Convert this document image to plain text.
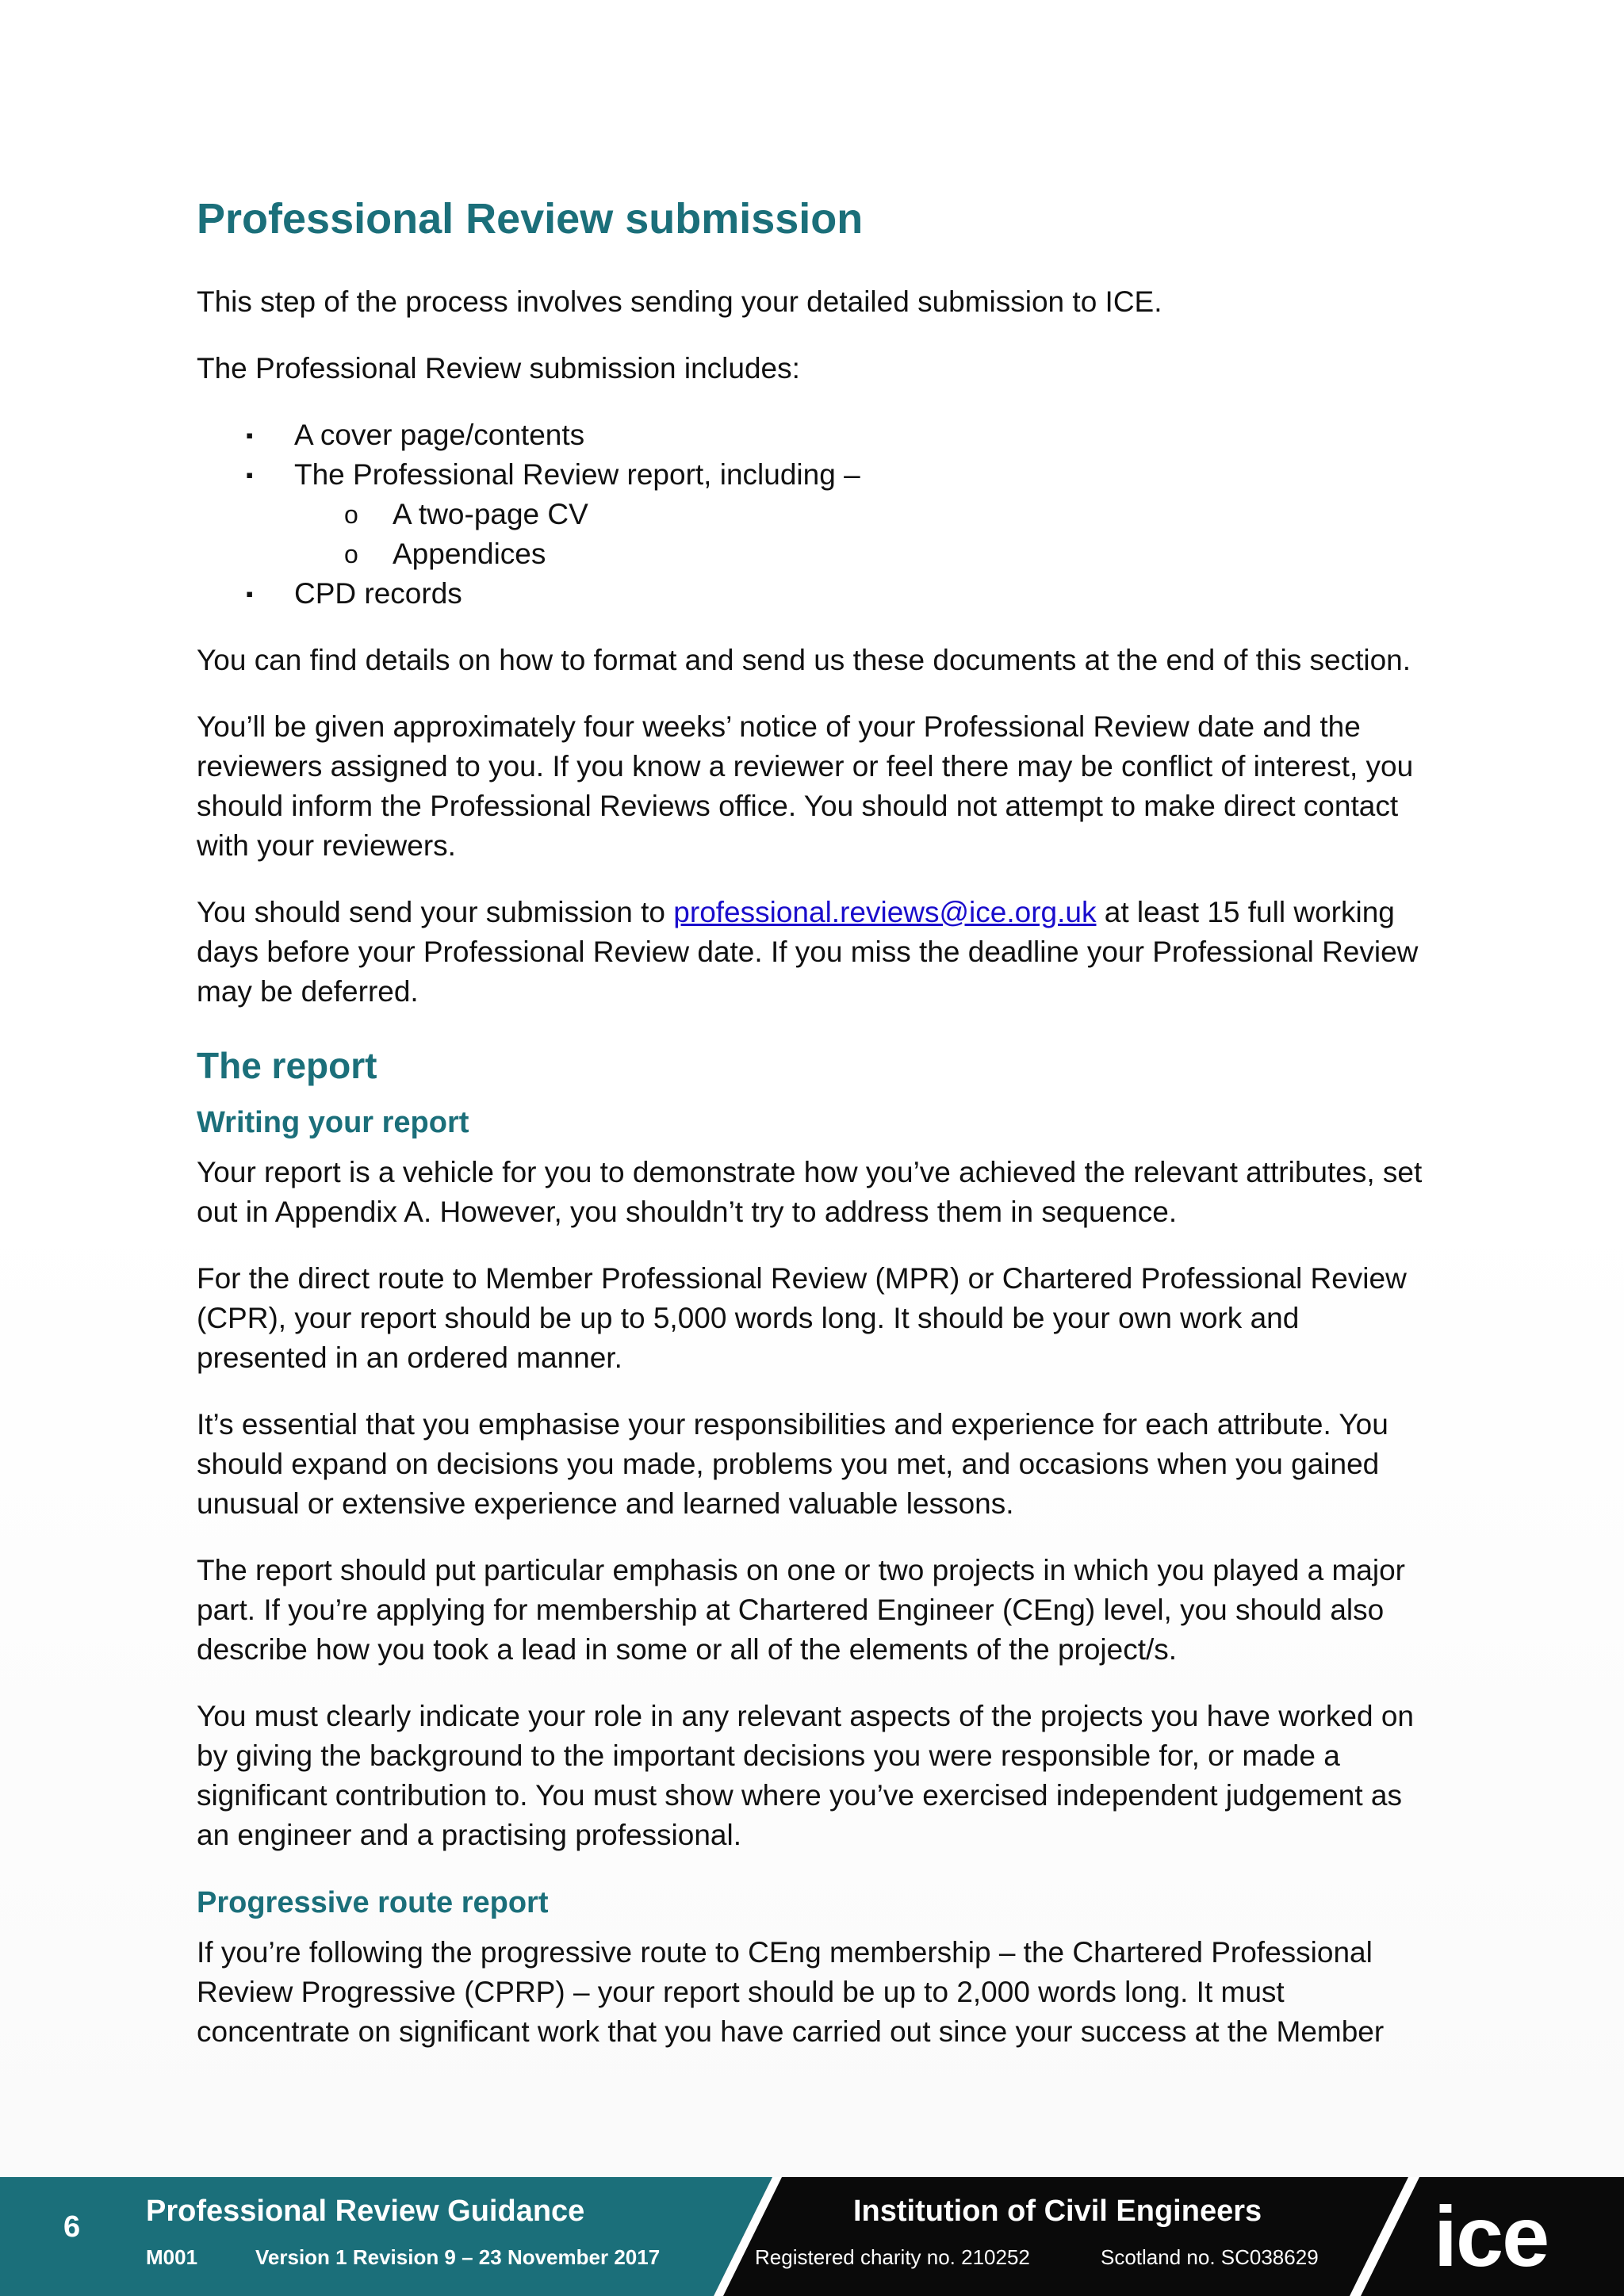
Professional Review submission

This step of the process involves sending your detailed submission to ICE.

The Professional Review submission includes:

▪ A cover page/contents
▪ The Professional Review report, including –
o A two-page CV
o Appendices
▪ CPD records

You can find details on how to format and send us these documents at the end of this section.

You’ll be given approximately four weeks’ notice of your Professional Review date and the reviewers assigned to you. If you know a reviewer or feel there may be conflict of interest, you should inform the Professional Reviews office. You should not attempt to make direct contact with your reviewers.

You should send your submission to professional.reviews@ice.org.uk at least 15 full working days before your Professional Review date. If you miss the deadline your Professional Review may be deferred.

The report
Writing your report

Your report is a vehicle for you to demonstrate how you’ve achieved the relevant attributes, set out in Appendix A. However, you shouldn’t try to address them in sequence.

For the direct route to Member Professional Review (MPR) or Chartered Professional Review (CPR), your report should be up to 5,000 words long. It should be your own work and presented in an ordered manner.

It’s essential that you emphasise your responsibilities and experience for each attribute. You should expand on decisions you made, problems you met, and occasions when you gained unusual or extensive experience and learned valuable lessons.

The report should put particular emphasis on one or two projects in which you played a major part. If you’re applying for membership at Chartered Engineer (CEng) level, you should also describe how you took a lead in some or all of the elements of the project/s.

You must clearly indicate your role in any relevant aspects of the projects you have worked on by giving the background to the important decisions you were responsible for, or made a significant contribution to. You must show where you’ve exercised independent judgement as an engineer and a practising professional.

Progressive route report

If you’re following the progressive route to CEng membership – the Chartered Professional Review Progressive (CPRP) – your report should be up to 2,000 words long. It must concentrate on significant work that you have carried out since your success at the Member

6 Professional Review Guidance
M001	Version 1 Revision 9 – 23 November 2017
Institution of Civil Engineers
Registered charity no. 210252	Scotland no. SC038629 ice
